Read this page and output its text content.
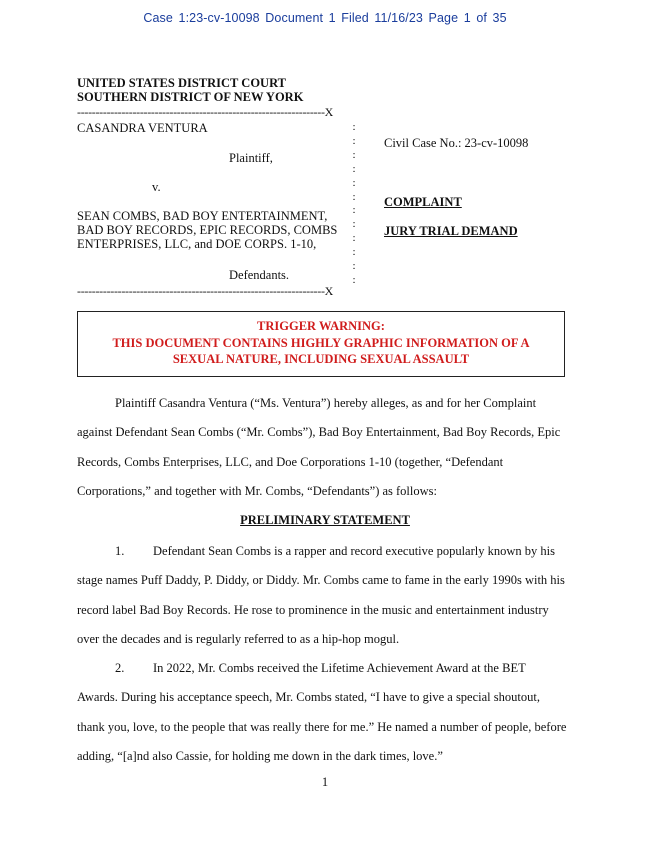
Case 1:23-cv-10098 Document 1 Filed 11/16/23 Page 1 of 35
UNITED STATES DISTRICT COURT
SOUTHERN DISTRICT OF NEW YORK
-------------------------------------------------------------------X
CASANDRA VENTURA
Plaintiff,
v.
SEAN COMBS, BAD BOY ENTERTAINMENT,
BAD BOY RECORDS, EPIC RECORDS, COMBS
ENTERPRISES, LLC, and DOE CORPS. 1-10,
Defendants.
:
:
:
:
:
:
:
:
:
:
:
:
-------------------------------------------------------------------X
Civil Case No.: 23-cv-10098
COMPLAINT
JURY TRIAL DEMAND
TRIGGER WARNING:
THIS DOCUMENT CONTAINS HIGHLY GRAPHIC INFORMATION OF A
SEXUAL NATURE, INCLUDING SEXUAL ASSAULT
Plaintiff Casandra Ventura (“Ms. Ventura”) hereby alleges, as and for her Complaint against Defendant Sean Combs (“Mr. Combs”), Bad Boy Entertainment, Bad Boy Records, Epic Records, Combs Enterprises, LLC, and Doe Corporations 1-10 (together, “Defendant Corporations,” and together with Mr. Combs, “Defendants”) as follows:
PRELIMINARY STATEMENT
1. Defendant Sean Combs is a rapper and record executive popularly known by his stage names Puff Daddy, P. Diddy, or Diddy. Mr. Combs came to fame in the early 1990s with his record label Bad Boy Records. He rose to prominence in the music and entertainment industry over the decades and is regularly referred to as a hip-hop mogul.
2. In 2022, Mr. Combs received the Lifetime Achievement Award at the BET Awards. During his acceptance speech, Mr. Combs stated, “I have to give a special shoutout, thank you, love, to the people that was really there for me.” He named a number of people, before adding, “[a]nd also Cassie, for holding me down in the dark times, love.”
1
